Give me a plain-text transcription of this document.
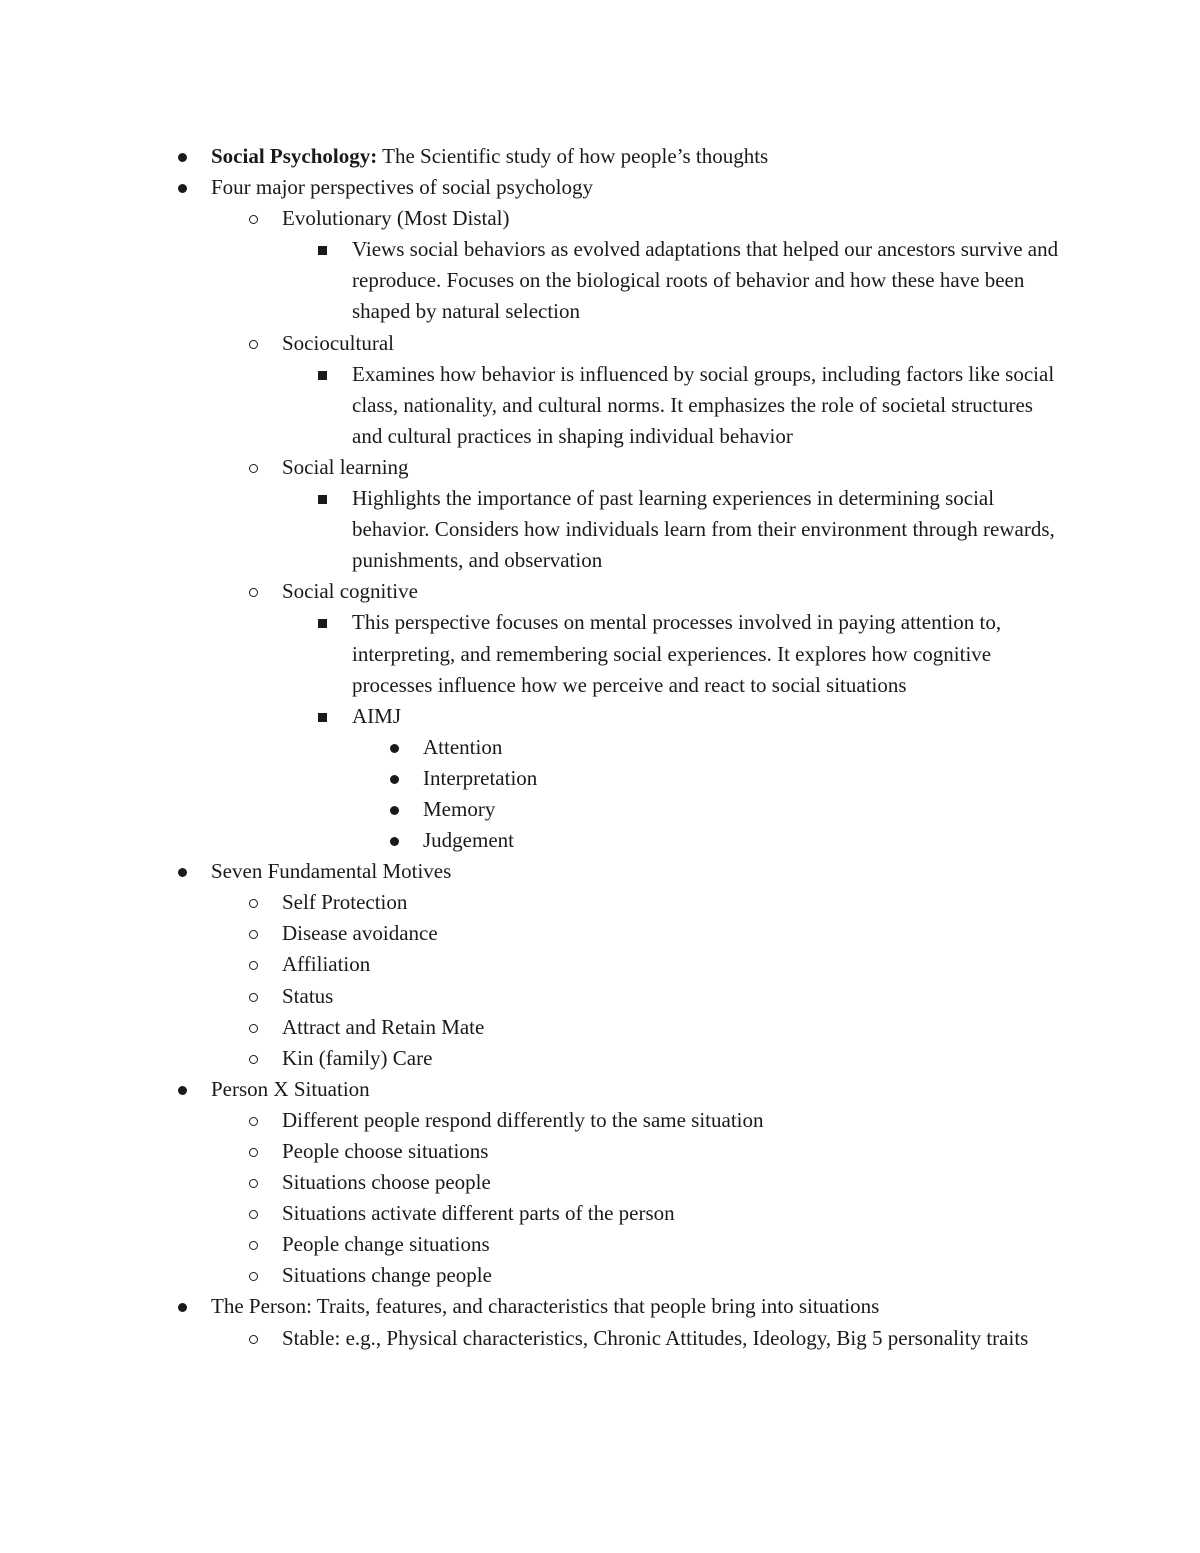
Social Psychology: The Scientific study of how people’s thoughts
Four major perspectives of social psychology
Evolutionary (Most Distal)
Views social behaviors as evolved adaptations that helped our ancestors survive and reproduce. Focuses on the biological roots of behavior and how these have been shaped by natural selection
Sociocultural
Examines how behavior is influenced by social groups, including factors like social class, nationality, and cultural norms. It emphasizes the role of societal structures and cultural practices in shaping individual behavior
Social learning
Highlights the importance of past learning experiences in determining social behavior. Considers how individuals learn from their environment through rewards, punishments, and observation
Social cognitive
This perspective focuses on mental processes involved in paying attention to, interpreting, and remembering social experiences. It explores how cognitive processes influence how we perceive and react to social situations
AIMJ
Attention
Interpretation
Memory
Judgement
Seven Fundamental Motives
Self Protection
Disease avoidance
Affiliation
Status
Attract and Retain Mate
Kin (family) Care
Person X Situation
Different people respond differently to the same situation
People choose situations
Situations choose people
Situations activate different parts of the person
People change situations
Situations change people
The Person: Traits, features, and characteristics that people bring into situations
Stable: e.g., Physical characteristics, Chronic Attitudes, Ideology, Big 5 personality traits
